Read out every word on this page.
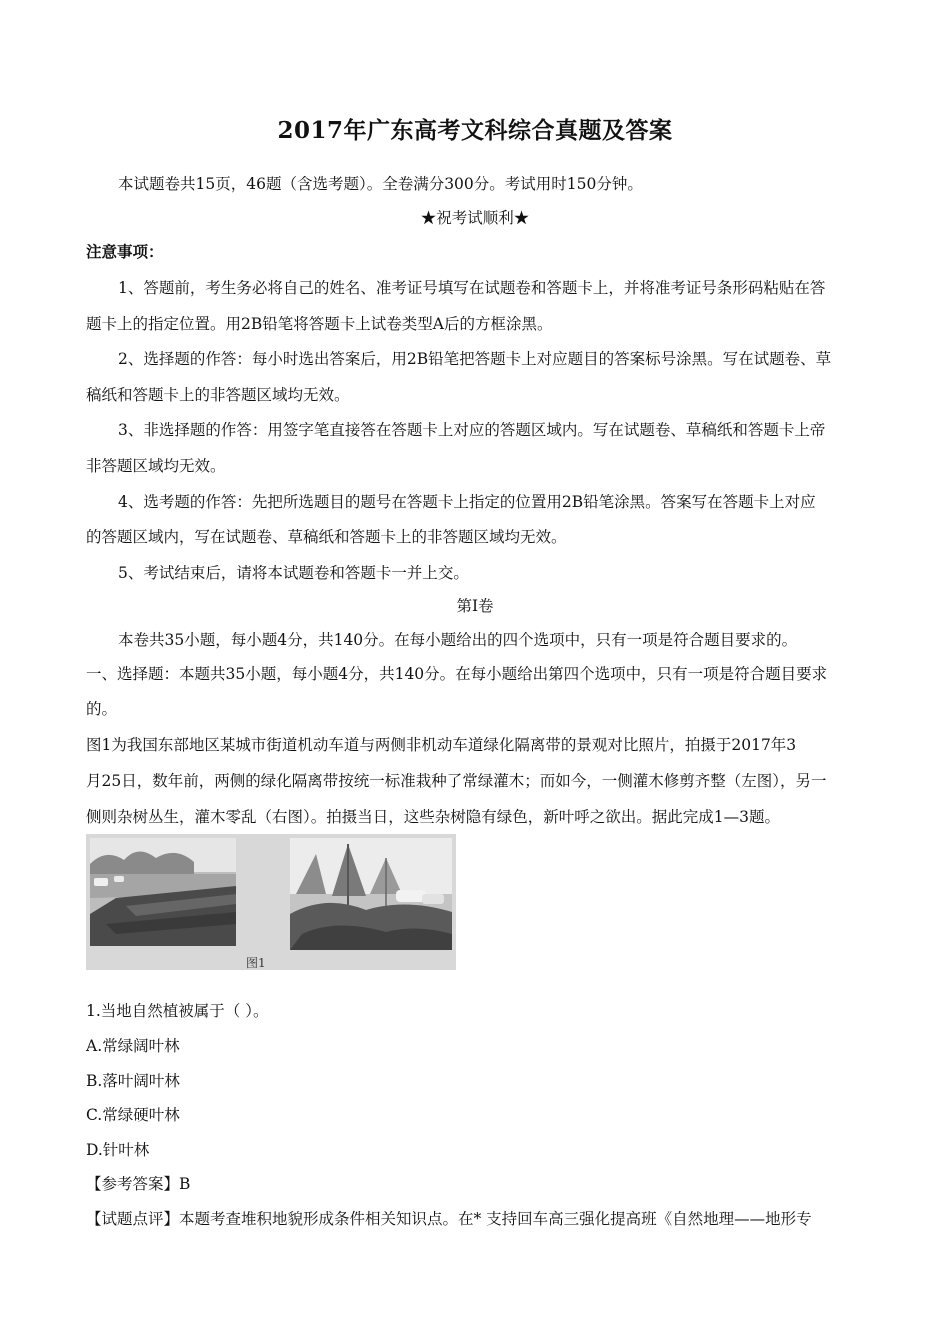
2017年广东高考文科综合真题及答案
本试题卷共15页，46题（含选考题）。全卷满分300分。考试用时150分钟。
★祝考试顺利★
注意事项：
1、答题前，考生务必将自己的姓名、准考证号填写在试题卷和答题卡上，并将准考证号条形码粘贴在答
题卡上的指定位置。用2B铅笔将答题卡上试卷类型A后的方框涂黑。
2、选择题的作答：每小时选出答案后，用2B铅笔把答题卡上对应题目的答案标号涂黑。写在试题卷、草
稿纸和答题卡上的非答题区域均无效。
3、非选择题的作答：用签字笔直接答在答题卡上对应的答题区域内。写在试题卷、草稿纸和答题卡上帝
非答题区域均无效。
4、选考题的作答：先把所选题目的题号在答题卡上指定的位置用2B铅笔涂黑。答案写在答题卡上对应
的答题区域内，写在试题卷、草稿纸和答题卡上的非答题区域均无效。
5、考试结束后，请将本试题卷和答题卡一并上交。
第Ⅰ卷
本卷共35小题，每小题4分，共140分。在每小题给出的四个选项中，只有一项是符合题目要求的。
一、选择题：本题共35小题，每小题4分，共140分。在每小题给出第四个选项中，只有一项是符合题目要求
的。
图1为我国东部地区某城市街道机动车道与两侧非机动车道绿化隔离带的景观对比照片，拍摄于2017年3
月25日，数年前，两侧的绿化隔离带按统一标准栽种了常绿灌木；而如今，一侧灌木修剪齐整（左图），另一
侧则杂树丛生，灌木零乱（右图）。拍摄当日，这些杂树隐有绿色，新叶呼之欲出。据此完成1—3题。
图1
1.当地自然植被属于（ ）。
A.常绿阔叶林
B.落叶阔叶林
C.常绿硬叶林
D.针叶林
【参考答案】B
【试题点评】本题考查堆积地貌形成条件相关知识点。在* 支持回车高三强化提高班《自然地理——地形专
